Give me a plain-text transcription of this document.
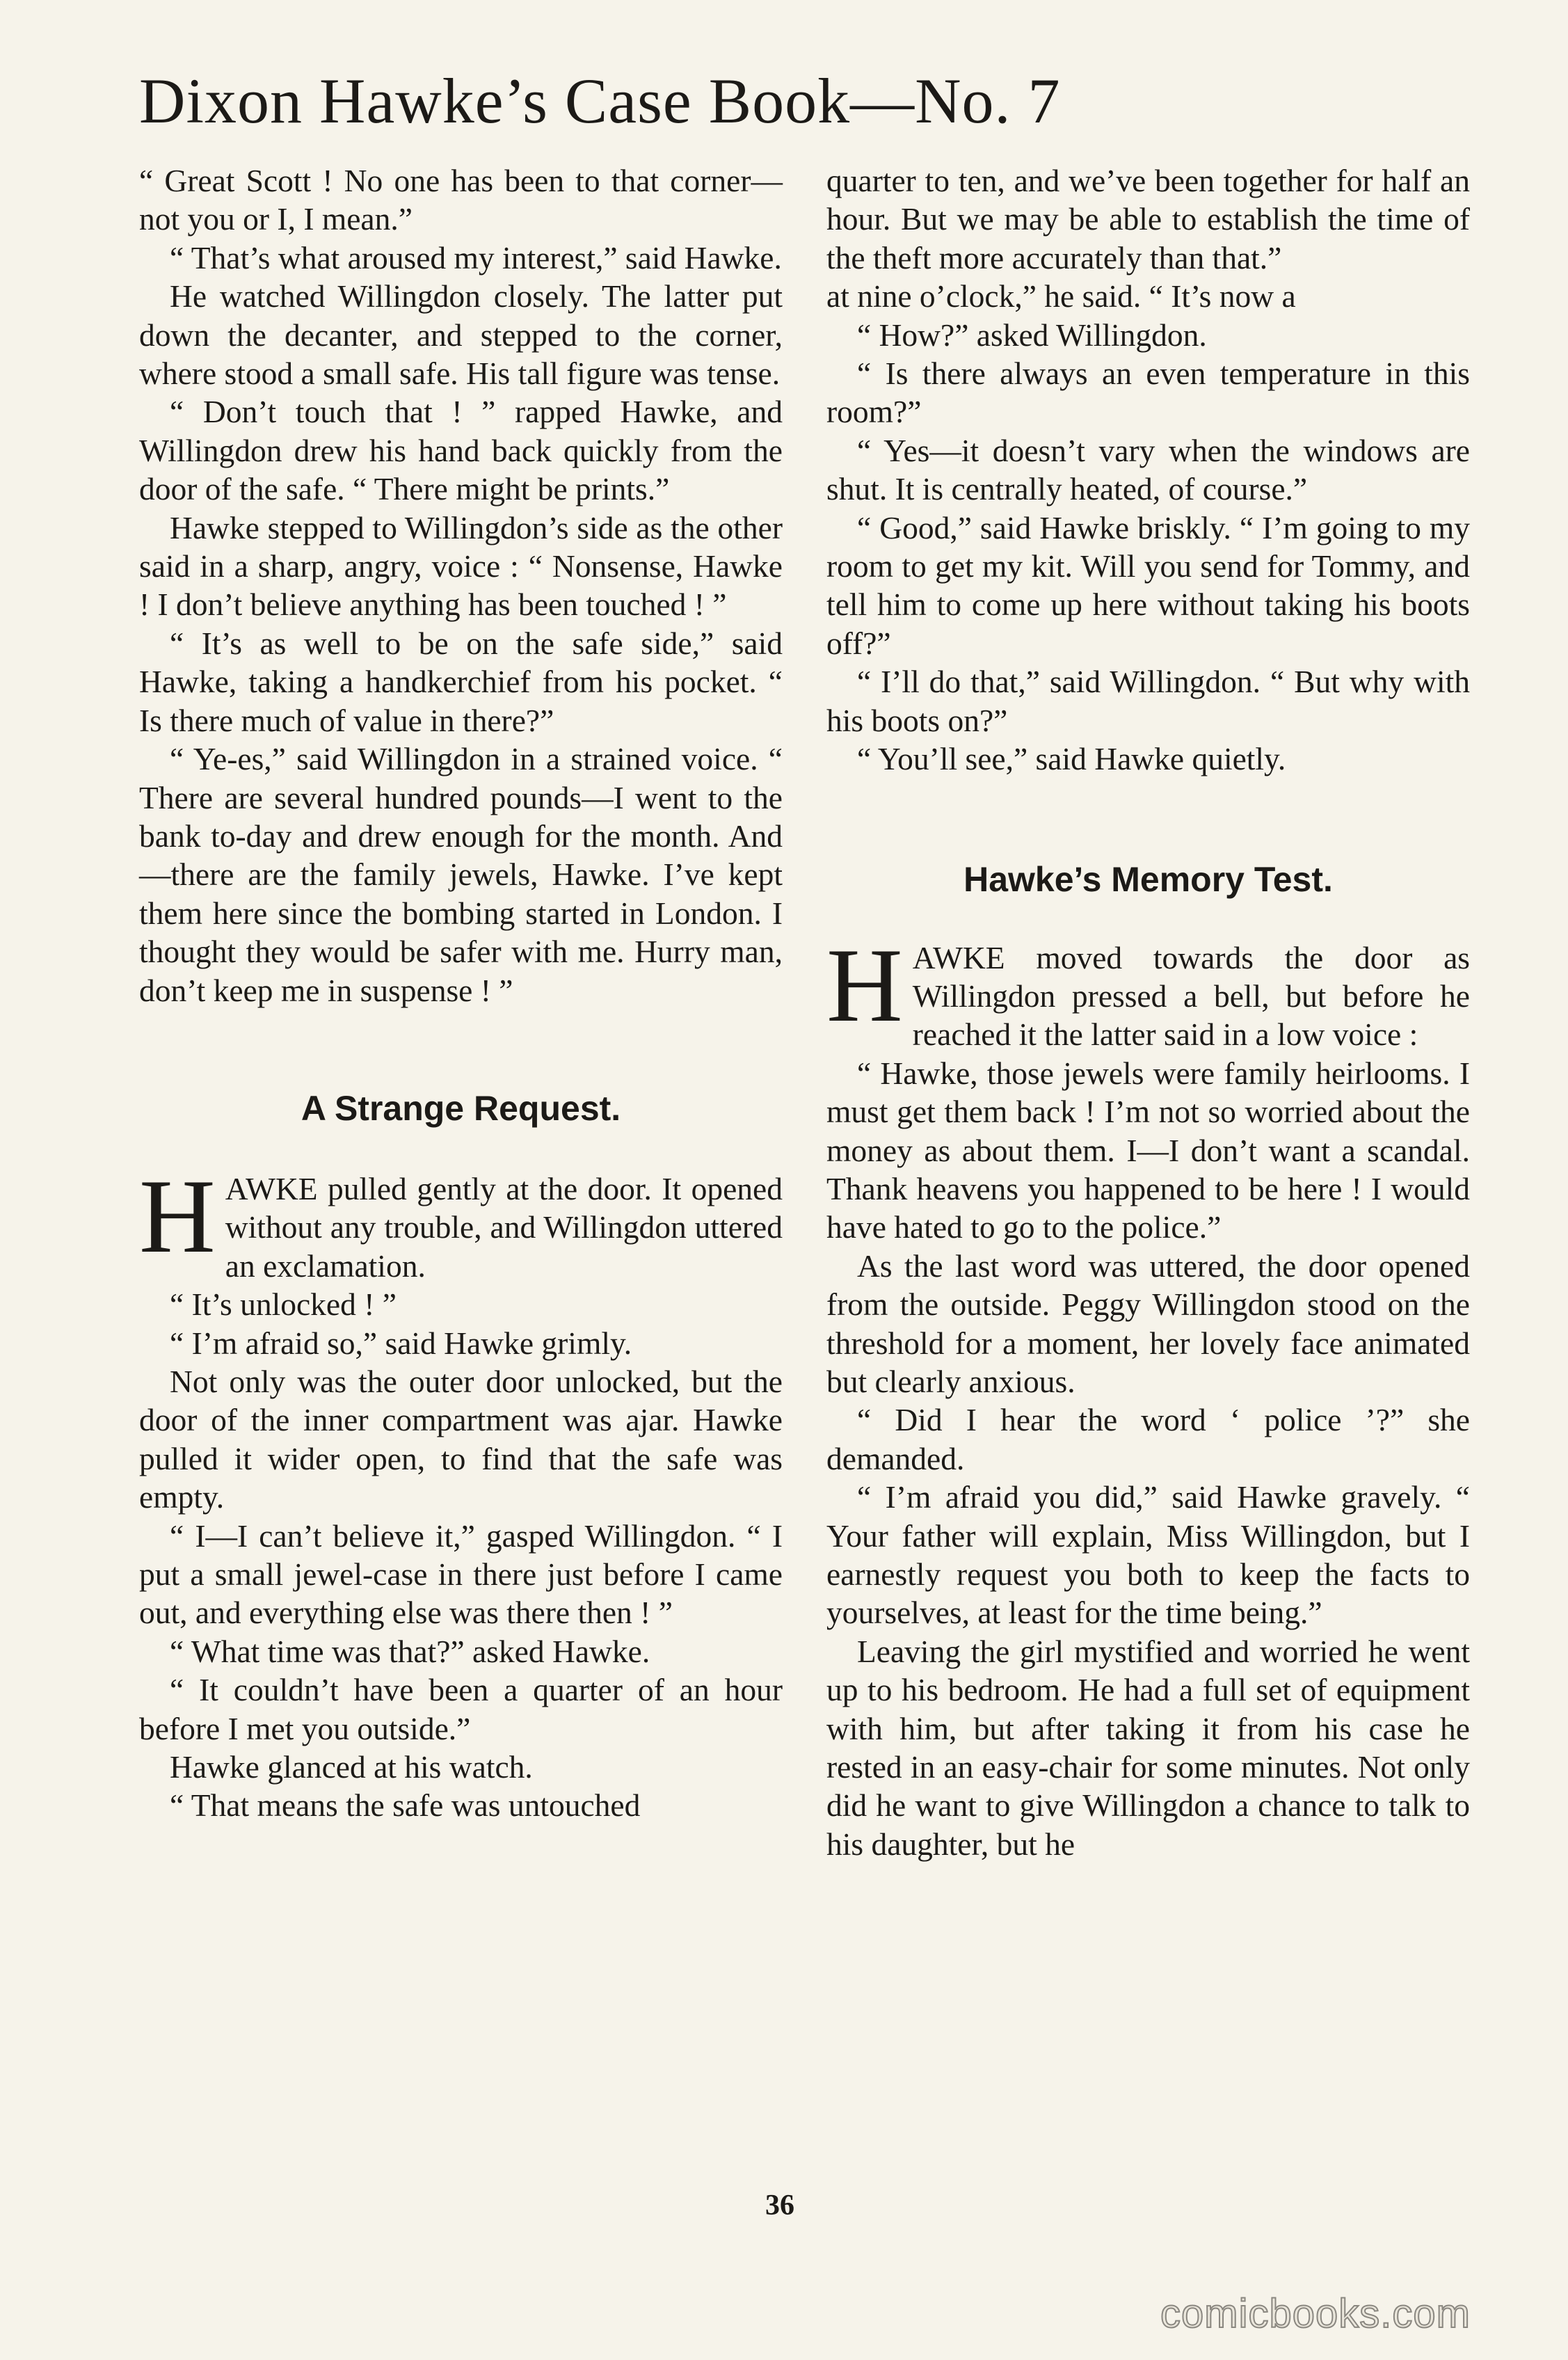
Dixon Hawke’s Case Book—No. 7

“ Great Scott ! No one has been to that corner—not you or I, I mean.”

“ That’s what aroused my interest,” said Hawke.

He watched Willingdon closely. The latter put down the decanter, and stepped to the corner, where stood a small safe. His tall figure was tense.

“ Don’t touch that ! ” rapped Hawke, and Willingdon drew his hand back quickly from the door of the safe. “ There might be prints.”

Hawke stepped to Willingdon’s side as the other said in a sharp, angry, voice : “ Nonsense, Hawke ! I don’t believe anything has been touched ! ”

“ It’s as well to be on the safe side,” said Hawke, taking a handkerchief from his pocket. “ Is there much of value in there?”

“ Ye-es,” said Willingdon in a strained voice. “ There are several hundred pounds—I went to the bank to-day and drew enough for the month. And—there are the family jewels, Hawke. I’ve kept them here since the bombing started in London. I thought they would be safer with me. Hurry man, don’t keep me in suspense ! ”

A Strange Request.

HAWKE pulled gently at the door. It opened without any trouble, and Willingdon uttered an exclamation.

“ It’s unlocked ! ”

“ I’m afraid so,” said Hawke grimly.

Not only was the outer door unlocked, but the door of the inner compartment was ajar. Hawke pulled it wider open, to find that the safe was empty.

“ I—I can’t believe it,” gasped Willingdon. “ I put a small jewel-case in there just before I came out, and everything else was there then ! ”

“ What time was that?” asked Hawke.

“ It couldn’t have been a quarter of an hour before I met you outside.”

Hawke glanced at his watch.

“ That means the safe was untouched

quarter to ten, and we’ve been together for half an hour. But we may be able to establish the time of the theft more accurately than that.”

at nine o’clock,” he said. “ It’s now a

“ How?” asked Willingdon.

“ Is there always an even temperature in this room?”

“ Yes—it doesn’t vary when the windows are shut. It is centrally heated, of course.”

“ Good,” said Hawke briskly. “ I’m going to my room to get my kit. Will you send for Tommy, and tell him to come up here without taking his boots off?”

“ I’ll do that,” said Willingdon. “ But why with his boots on?”

“ You’ll see,” said Hawke quietly.

Hawke’s Memory Test.

HAWKE moved towards the door as Willingdon pressed a bell, but before he reached it the latter said in a low voice :

“ Hawke, those jewels were family heirlooms. I must get them back ! I’m not so worried about the money as about them. I—I don’t want a scandal. Thank heavens you happened to be here ! I would have hated to go to the police.”

As the last word was uttered, the door opened from the outside. Peggy Willingdon stood on the threshold for a moment, her lovely face animated but clearly anxious.

“ Did I hear the word ‘ police ’?” she demanded.

“ I’m afraid you did,” said Hawke gravely. “ Your father will explain, Miss Willingdon, but I earnestly request you both to keep the facts to yourselves, at least for the time being.”

Leaving the girl mystified and worried he went up to his bedroom. He had a full set of equipment with him, but after taking it from his case he rested in an easy-chair for some minutes. Not only did he want to give Willingdon a chance to talk to his daughter, but he

36
comicbooks.com
